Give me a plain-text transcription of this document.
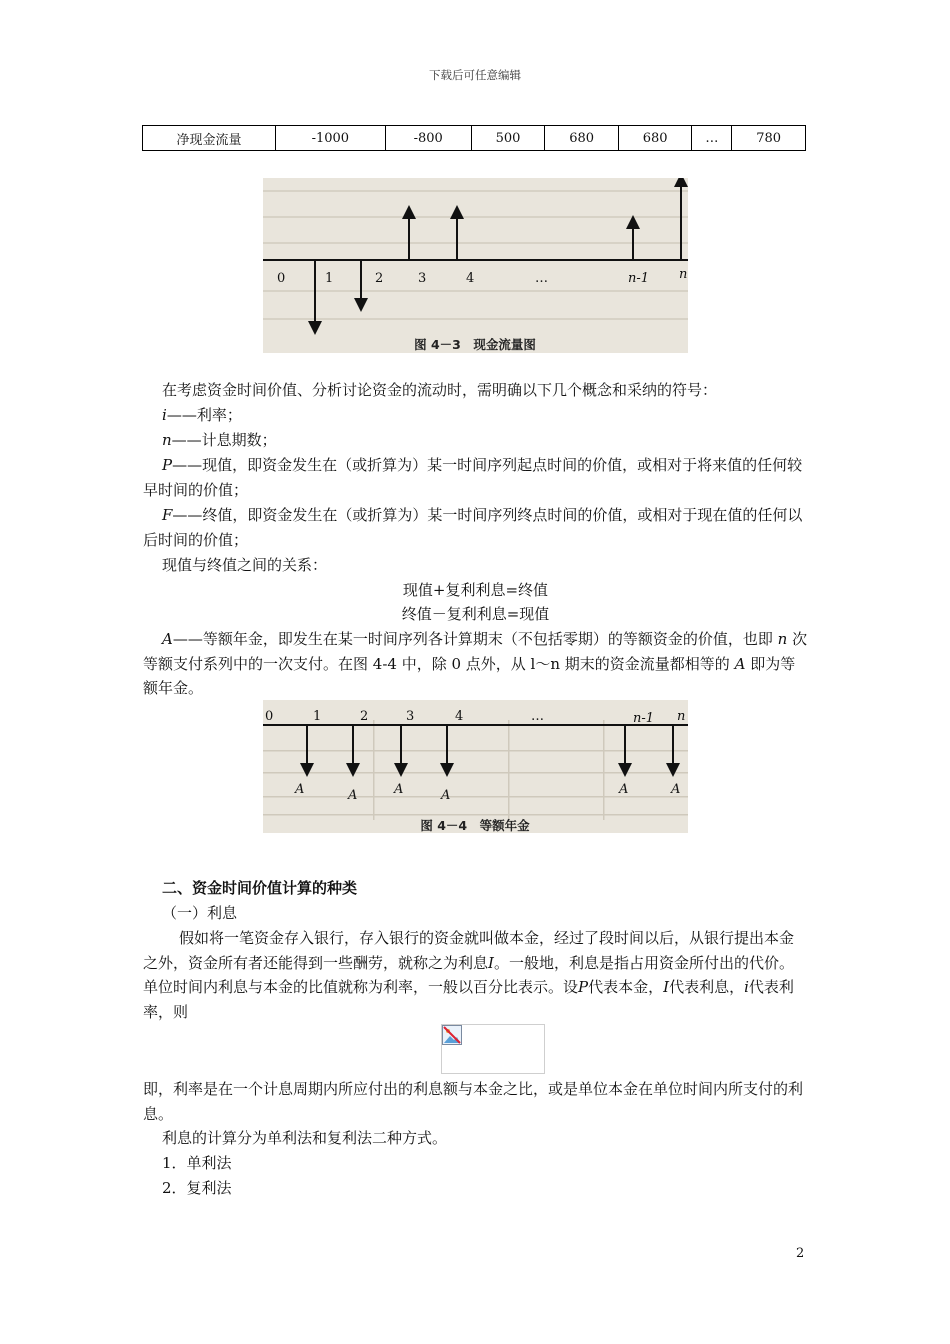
下载后可任意编辑
净现金流量	-1000	-800	500	680	680	…	780
0	1	2	3	4	…	n-1 n
图 4－3　现金流量图
在考虑资金时间价值、分析讨论资金的流动时，需明确以下几个概念和采纳的符号：
i——利率；
n——计息期数；
P——现值，即资金发生在（或折算为）某一时间序列起点时间的价值，或相对于将来值的任何较早时间的价值；
F——终值，即资金发生在（或折算为）某一时间序列终点时间的价值，或相对于现在值的任何以后时间的价值；
现值与终值之间的关系：
现值+复利利息=终值
终值－复利利息=现值
A——等额年金，即发生在某一时间序列各计算期末（不包括零期）的等额资金的价值，也即 n 次等额支付系列中的一次支付。在图 4-4 中，除 0 点外，从 l～n 期末的资金流量都相等的 A 即为等额年金。
0	1	2	3	4	…	n-1 n
A	A	A	A	A	A
图 4－4　等额年金
二、资金时间价值计算的种类
（一）利息
假如将一笔资金存入银行，存入银行的资金就叫做本金，经过了段时间以后，从银行提出本金之外，资金所有者还能得到一些酬劳，就称之为利息I。一般地，利息是指占用资金所付出的代价。单位时间内利息与本金的比值就称为利率，一般以百分比表示。设P代表本金，I代表利息，i代表利率，则
即，利率是在一个计息周期内所应付出的利息额与本金之比，或是单位本金在单位时间内所支付的利息。
利息的计算分为单利法和复利法二种方式。
1．单利法
2．复利法
2
